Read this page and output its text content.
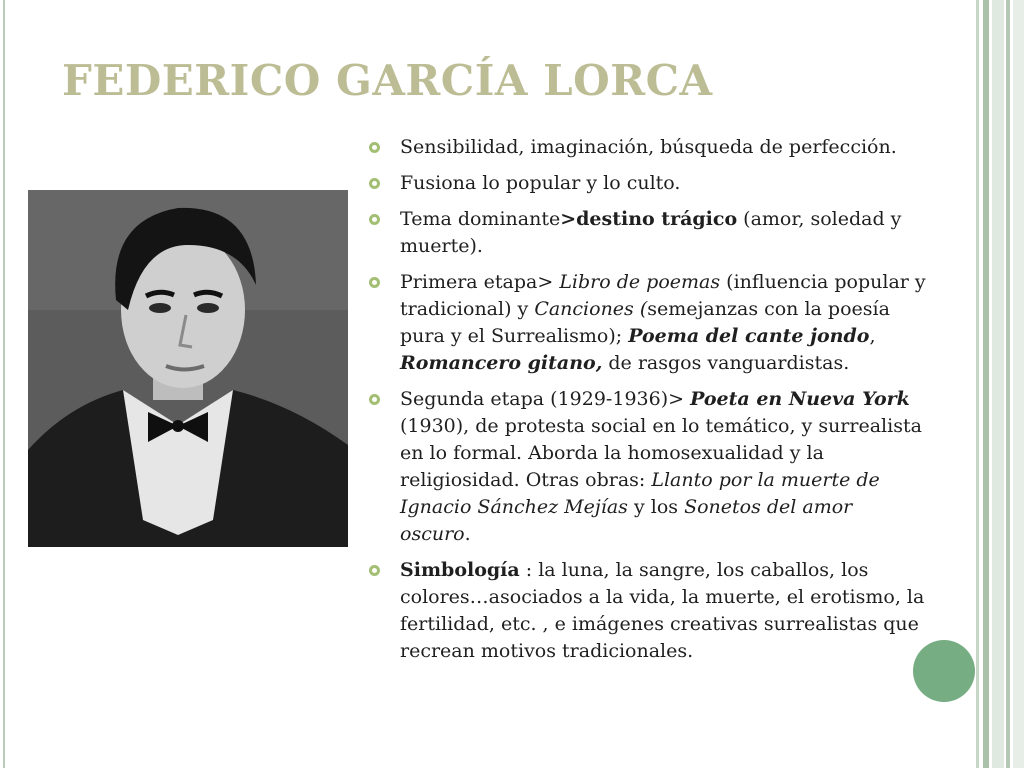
FEDERICO GARCÍA LORCA
Sensibilidad, imaginación, búsqueda de perfección.
Fusiona lo popular y lo culto.
Tema dominante>destino trágico (amor, soledad y muerte).
Primera etapa> Libro de poemas (influencia popular y tradicional) y Canciones (semejanzas con la poesía pura y el Surrealismo); Poema del cante jondo, Romancero gitano, de rasgos vanguardistas.
Segunda etapa (1929-1936)> Poeta en Nueva York (1930), de protesta social en lo temático, y surrealista en lo formal. Aborda la homosexualidad y la religiosidad. Otras obras: Llanto por la muerte de Ignacio Sánchez Mejías y los Sonetos del amor oscuro.
Simbología : la luna, la sangre, los caballos, los colores…asociados a la vida, la muerte, el erotismo, la fertilidad, etc. , e imágenes creativas surrealistas que recrean motivos tradicionales.
